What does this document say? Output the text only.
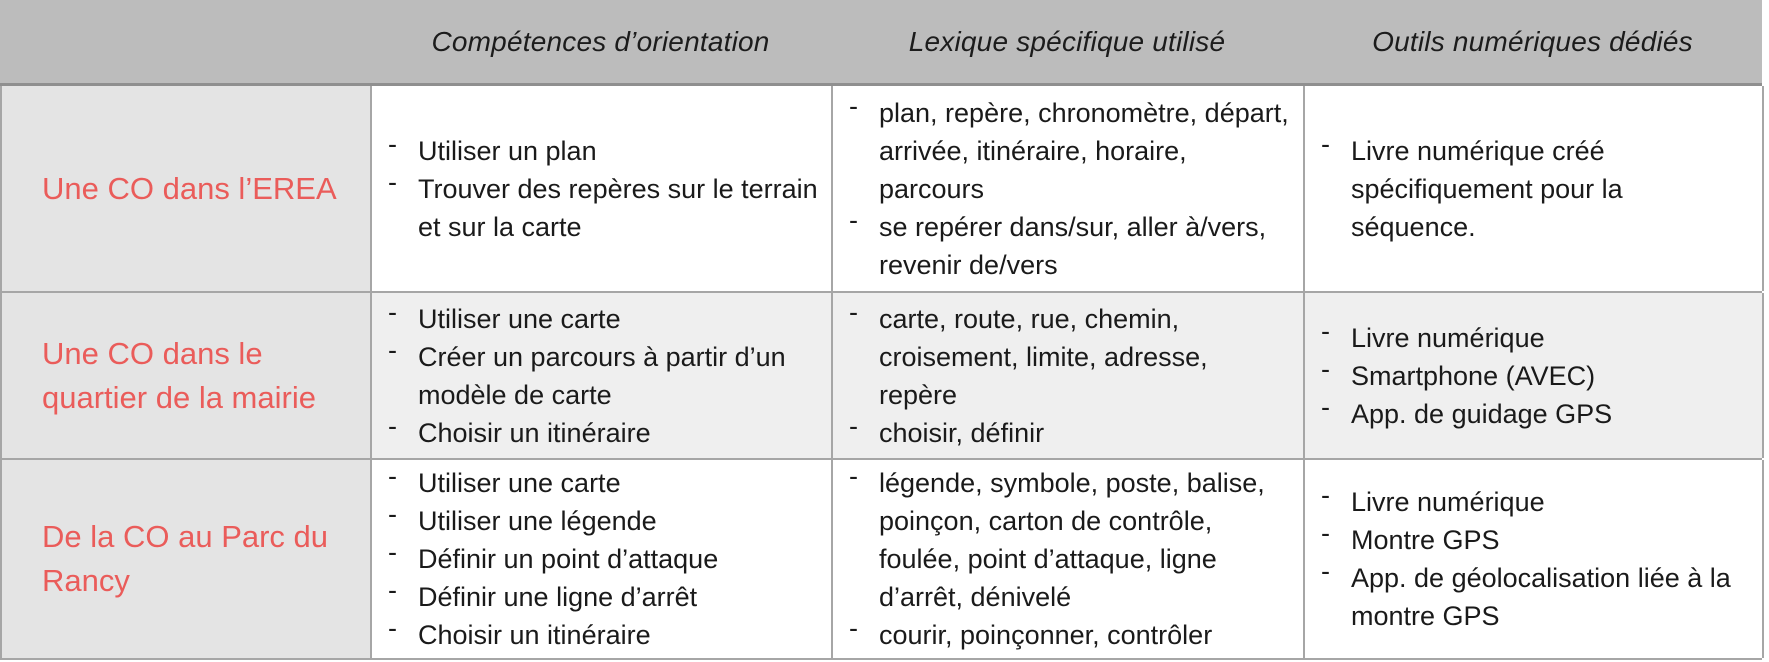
Compétences d’orientation	Lexique spécifique utilisé	Outils numériques dédiés
Une CO dans l’EREA
- Utiliser un plan
- Trouver des repères sur le terrain et sur la carte
- plan, repère, chronomètre, départ, arrivée, itinéraire, horaire, parcours
- se repérer dans/sur, aller à/vers, revenir de/vers
- Livre numérique créé spécifiquement pour la séquence.
Une CO dans le quartier de la mairie
- Utiliser une carte
- Créer un parcours à partir d’un modèle de carte
- Choisir un itinéraire
- carte, route, rue, chemin, croisement, limite, adresse, repère
- choisir, définir
- Livre numérique
- Smartphone (AVEC)
- App. de guidage GPS
De la CO au Parc du Rancy
- Utiliser une carte
- Utiliser une légende
- Définir un point d’attaque
- Définir une ligne d’arrêt
- Choisir un itinéraire
- légende, symbole, poste, balise, poinçon, carton de contrôle, foulée, point d’attaque, ligne d’arrêt, dénivelé
- courir, poinçonner, contrôler
- Livre numérique
- Montre GPS
- App. de géolocalisation liée à la montre GPS
